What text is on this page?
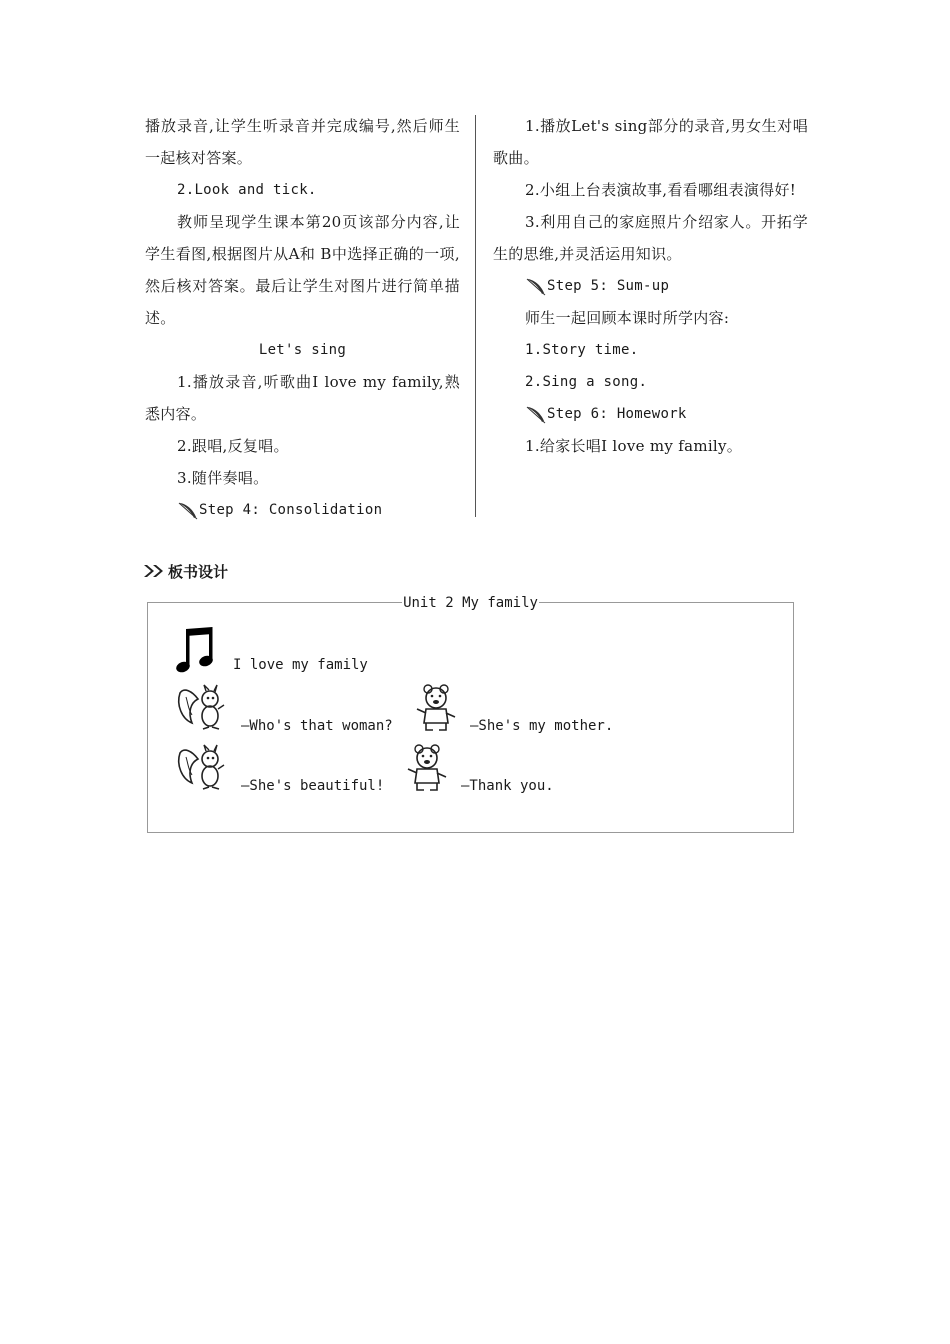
播放录音,让学生听录音并完成编号,然后师生一起核对答案。

2.Look and tick.

教师呈现学生课本第20页该部分内容,让学生看图,根据图片从A和 B中选择正确的一项,然后核对答案。最后让学生对图片进行简单描述。

Let's sing

1.播放录音,听歌曲I love my family,熟悉内容。

2.跟唱,反复唱。

3.随伴奏唱。

Step 4: Consolidation

1.播放Let's sing部分的录音,男女生对唱歌曲。

2.小组上台表演故事,看看哪组表演得好!

3.利用自己的家庭照片介绍家人。开拓学生的思维,并灵活运用知识。

Step 5: Sum-up

师生一起回顾本课时所学内容:

1.Story time.

2.Sing a song.

Step 6: Homework

1.给家长唱I love my family。

板书设计
Unit 2 My family
I love my family
—Who's that woman?	—She's my mother.
—She's beautiful!	—Thank you.
